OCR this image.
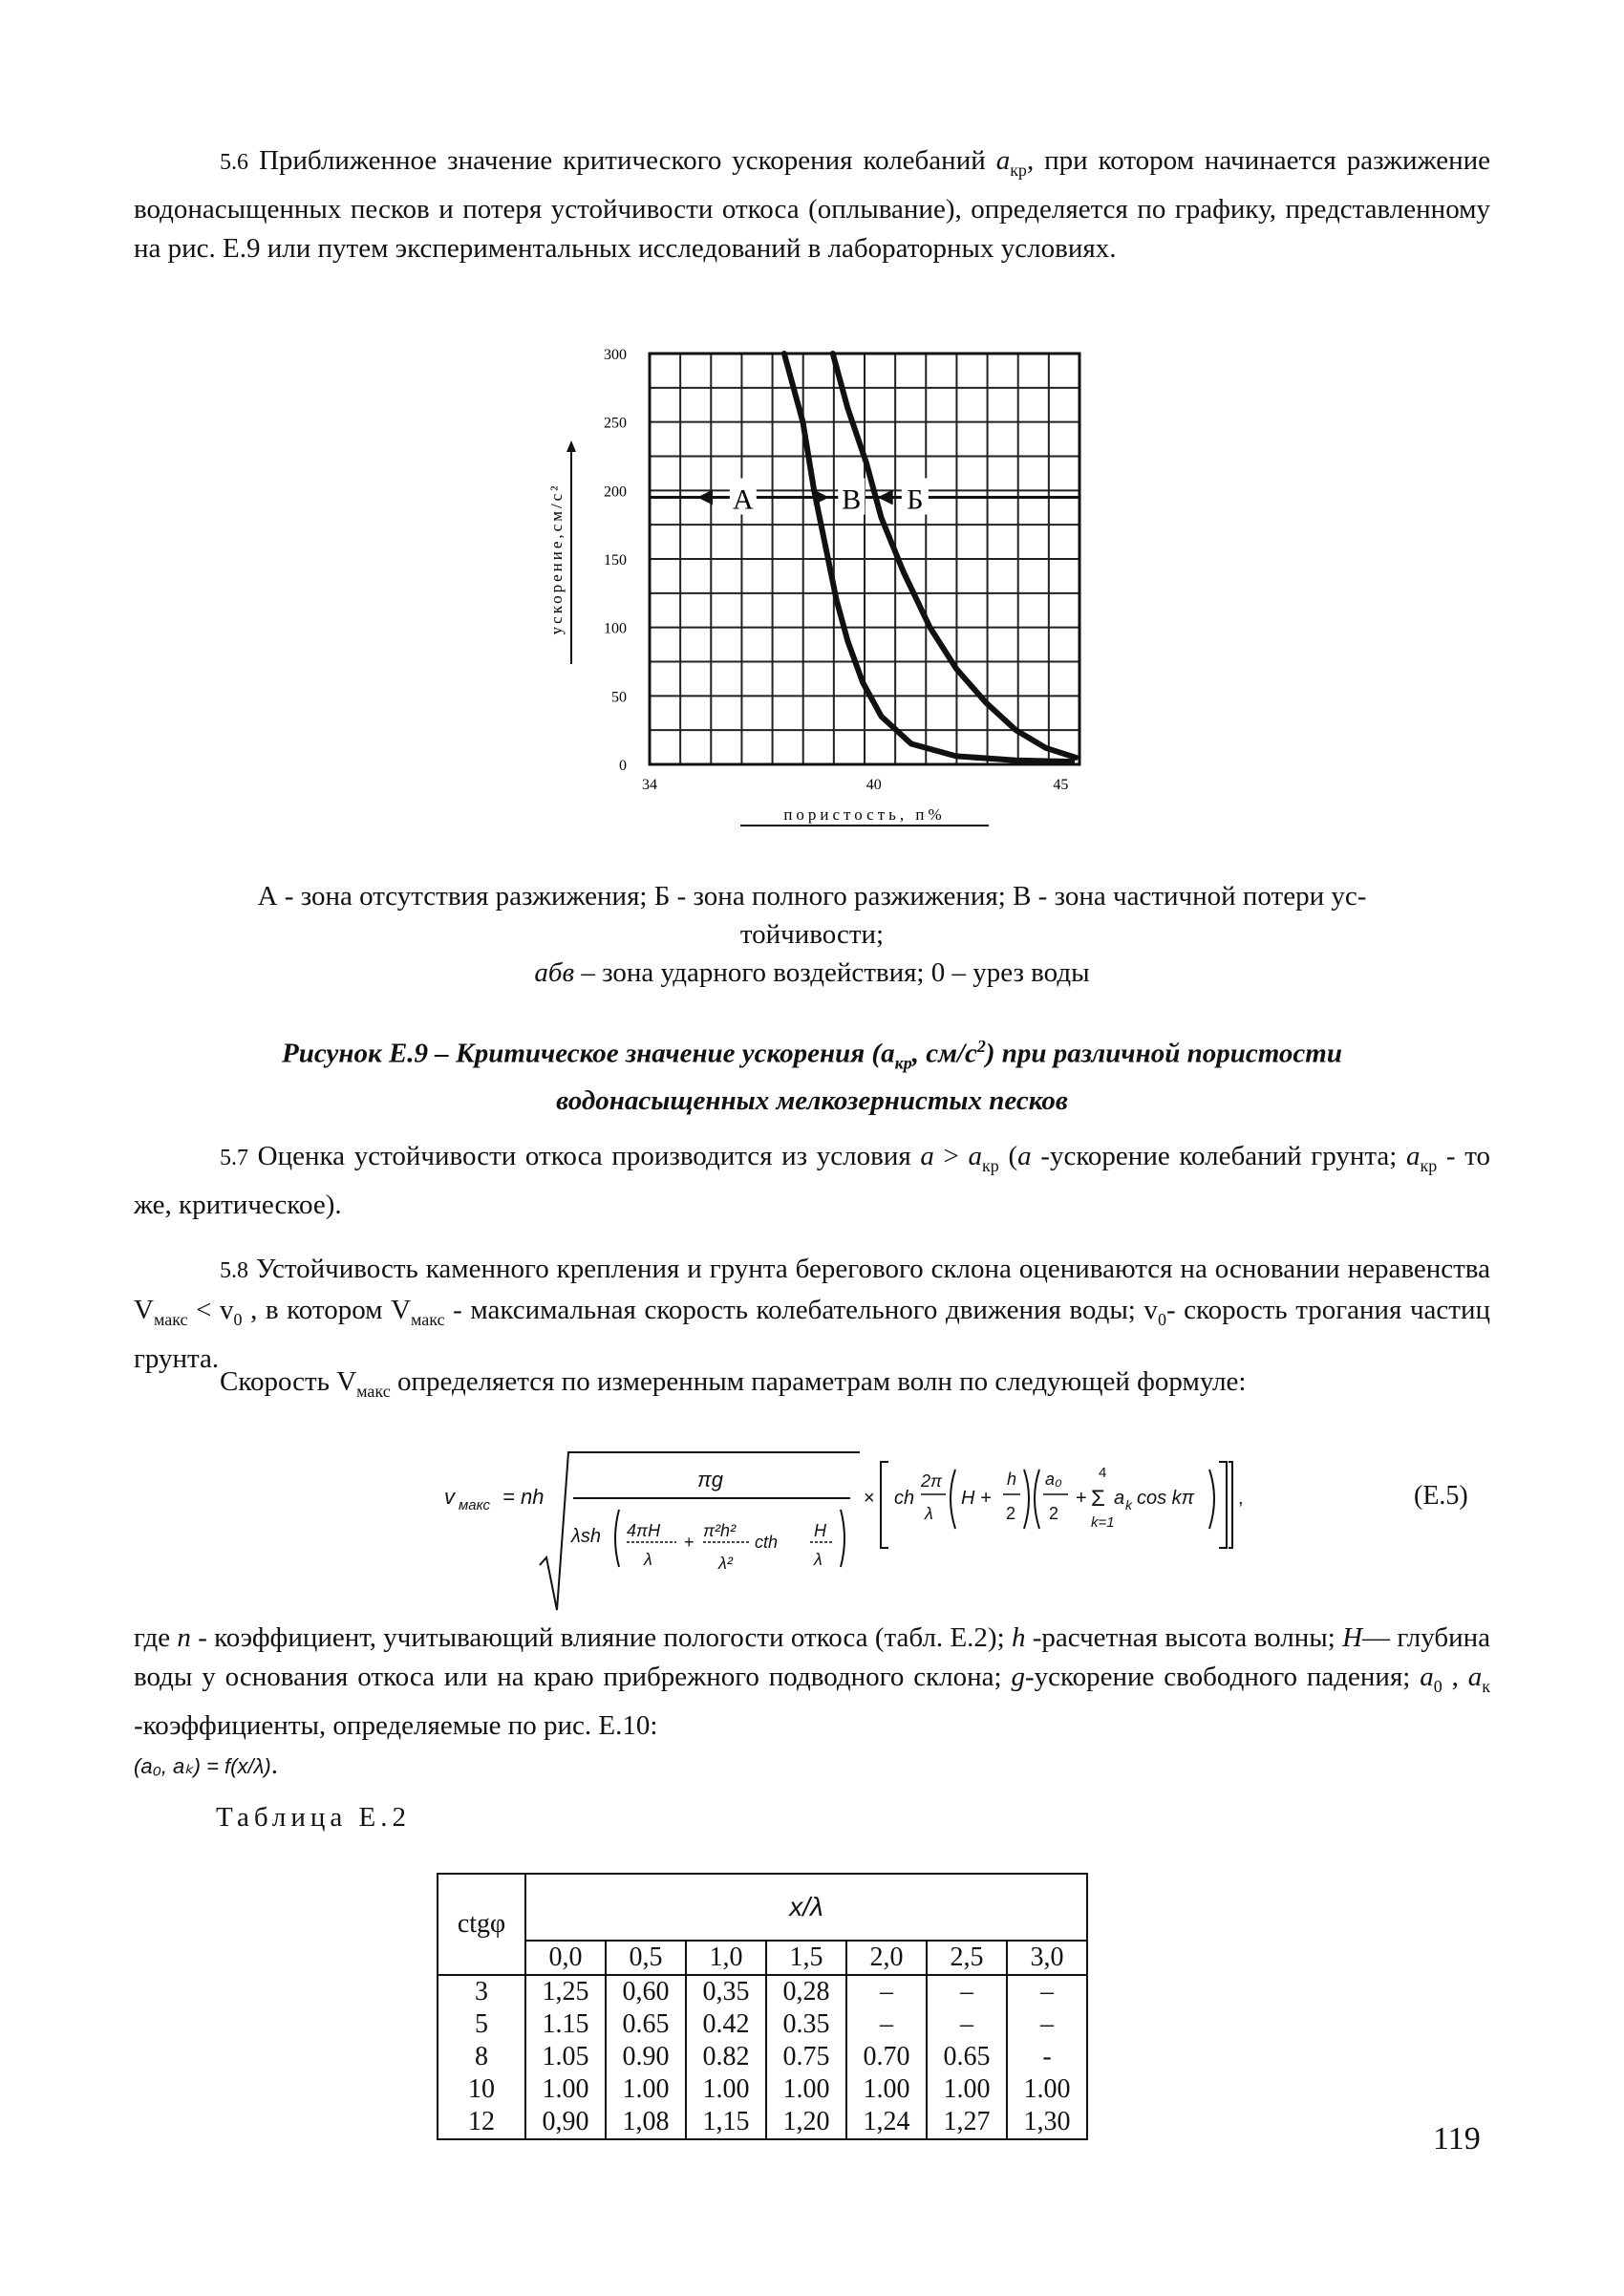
5.6 Приближенное значение критического ускорения колебаний $а_{кр}$, при котором начинается разжижение водонасыщенных песков и потеря устойчивости откоса (оплывание), определяется по графику, представленному на рис. Е.9 или путем экспериментальных исследований в лабораторных условиях.

0
50
100
150
200
250
300
34	40	45
ускорение,см/с²
пористость, п%
А	В Б

А - зона отсутствия разжижения; Б - зона полного разжижения; В - зона частичной потери ус-
тойчивости;
абв – зона ударного воздействия; 0 – урез воды

Рисунок Е.9 – Критическое значение ускорения ($а_{кр}$, $см/с^2$) при различной пористости
водонасыщенных мелкозернистых песков

5.7 Оценка устойчивости откоса производится из условия $а > а_{кр}$ (а -ускорение колебаний грунта; $а_{кр}$ - то же, критическое).

5.8 Устойчивость каменного крепления и грунта берегового склона оцениваются на основании неравенства $V_{макс} < v_0$ , в котором $V_{макс}$ - максимальная скорость колебательного движения воды; $v_0-$ скорость трогания частиц грунта.

Скорость $V_{макс}$ определяется по измеренным параметрам волн по следующей формуле:

v макс = nh
πg
λsh 4πH
λ
+
π²h²
λ²
cth
H
λ
× ch
2π
λ
H +
h
2
a₀
2
+
4
Σ
k=1
a k cos kπ ,	(Е.5)

где n - коэффициент, учитывающий влияние пологости откоса (табл. Е.2); h -расчетная высота волны; H— глубина воды у основания откоса или на краю прибрежного подводного склона; g-ускорение свободного падения; $a_0$ , $a_к$ -коэффициенты, определяемые по рис. Е.10:
(a₀, aₖ) = f(x/λ).

Таблица Е.2

ctgφ	x/λ						
	0,0	0,5	1,0	1,5	2,0	2,5	3,0
3	1,25	0,60	0,35	0,28	–	–	–
5	1.15	0.65	0.42	0.35	–	–	–
8	1.05	0.90	0.82	0.75	0.70	0.65	-
10	1.00	1.00	1.00	1.00	1.00	1.00	1.00
12	0,90	1,08	1,15	1,20	1,24	1,27	1,30	119
